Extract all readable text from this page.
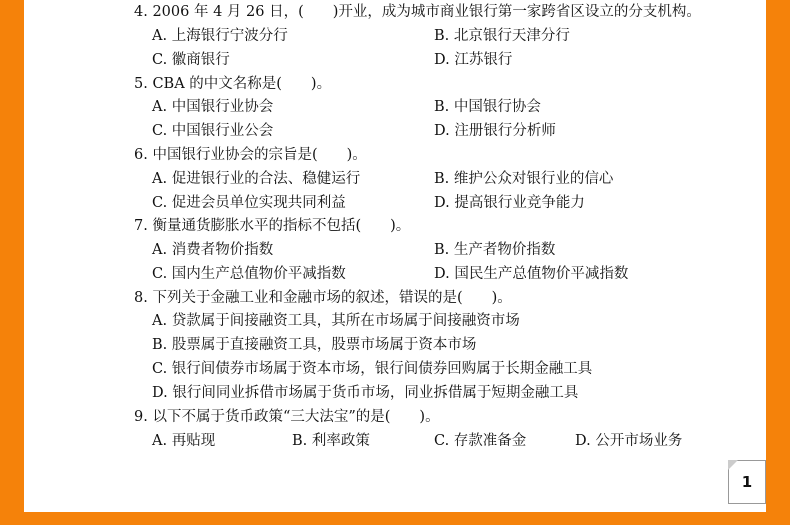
4. 2006 年 4 月 26 日，(　　)开业，成为城市商业银行第一家跨省区设立的分支机构。
A. 上海银行宁波分行	B. 北京银行天津分行
C. 徽商银行	D. 江苏银行
5. CBA 的中文名称是(　　)。
A. 中国银行业协会	B. 中国银行协会
C. 中国银行业公会	D. 注册银行分析师
6. 中国银行业协会的宗旨是(　　)。
A. 促进银行业的合法、稳健运行	B. 维护公众对银行业的信心
C. 促进会员单位实现共同利益	D. 提高银行业竞争能力
7. 衡量通货膨胀水平的指标不包括(　　)。
A. 消费者物价指数	B. 生产者物价指数
C. 国内生产总值物价平减指数	D. 国民生产总值物价平减指数
8. 下列关于金融工业和金融市场的叙述，错误的是(　　)。
A. 贷款属于间接融资工具，其所在市场属于间接融资市场
B. 股票属于直接融资工具，股票市场属于资本市场
C. 银行间债券市场属于资本市场，银行间债券回购属于长期金融工具
D. 银行间同业拆借市场属于货币市场，同业拆借属于短期金融工具
9. 以下不属于货币政策“三大法宝”的是(　　)。
A. 再贴现	B. 利率政策	C. 存款准备金	D. 公开市场业务
1
